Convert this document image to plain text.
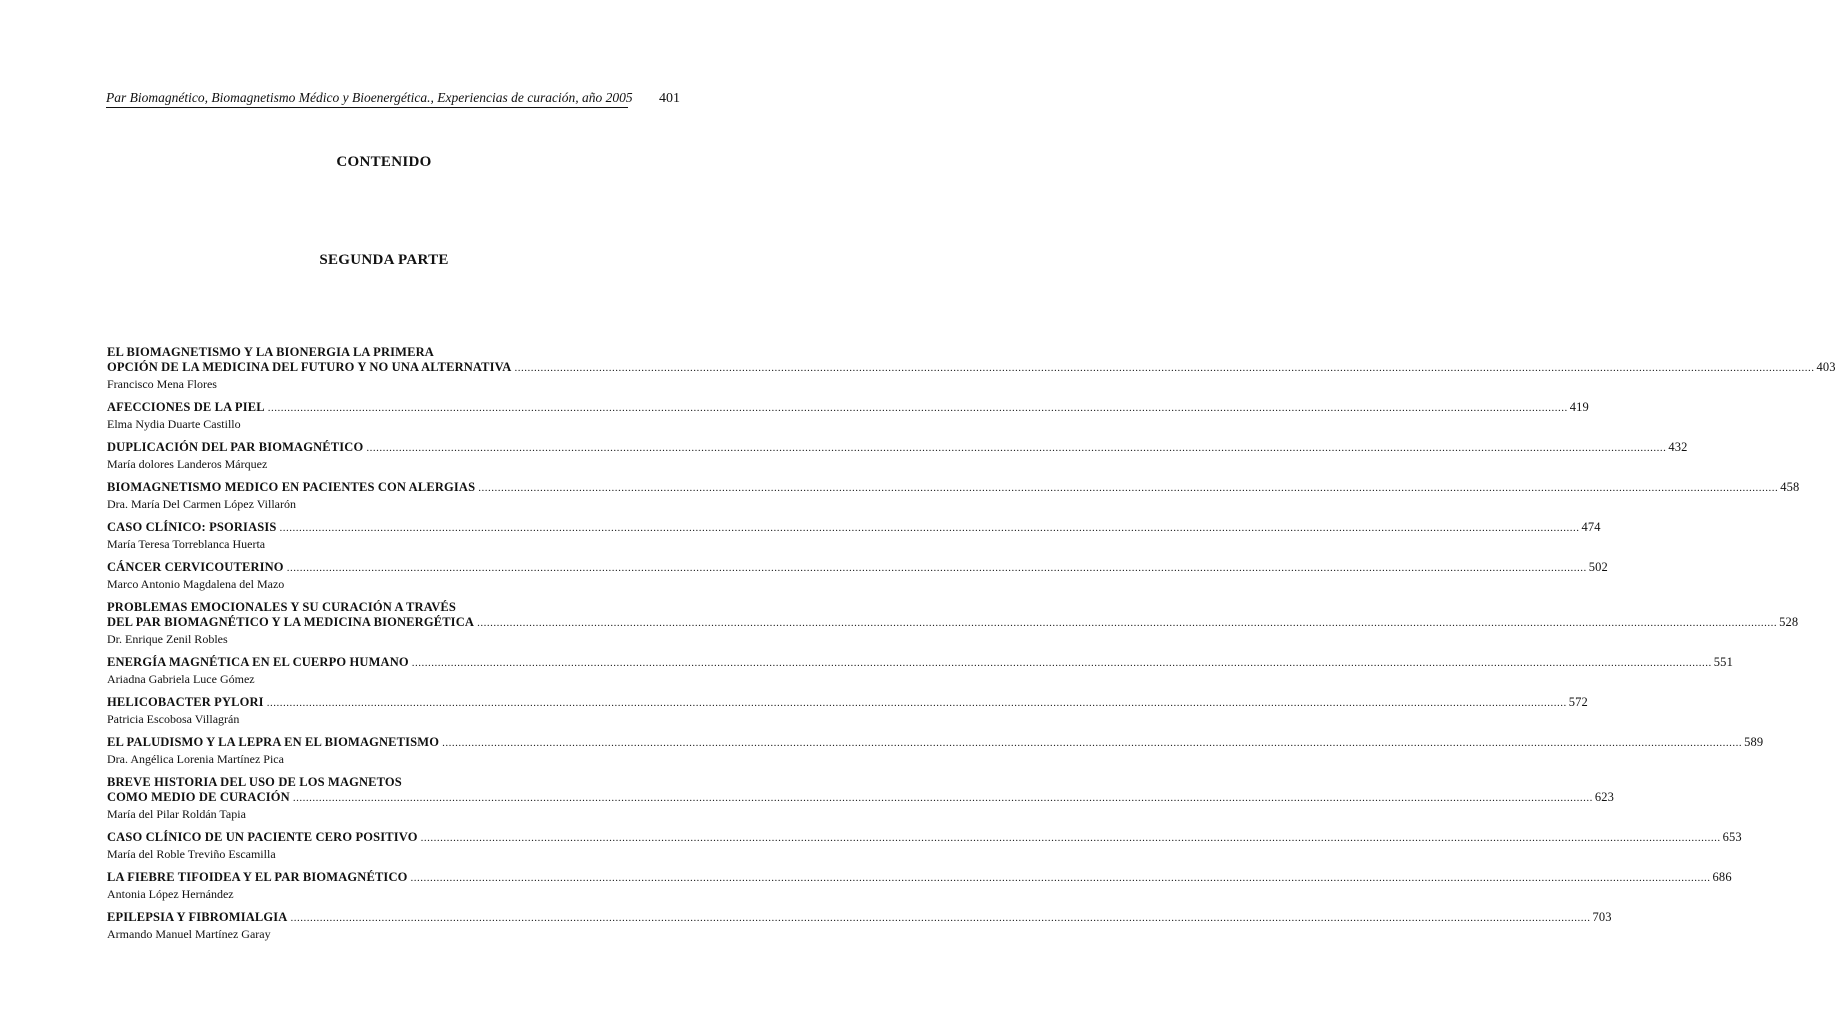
Par Biomagnético, Biomagnetismo Médico y Bioenergética., Experiencias de curación, año 2005 401
CONTENIDO
SEGUNDA PARTE
EL BIOMAGNETISMO Y LA BIONERGIA LA PRIMERA
OPCIÓN DE LA MEDICINA DEL FUTURO Y NO UNA ALTERNATIVA ................................................................................................................................................................................................................................................................................................................................................................................................................ 403
Francisco Mena Flores
AFECCIONES DE LA PIEL ................................................................................................................................................................................................................................................................................................................................................................................................................ 419
Elma Nydia Duarte Castillo
DUPLICACIÓN DEL PAR BIOMAGNÉTICO ................................................................................................................................................................................................................................................................................................................................................................................................................ 432
María dolores Landeros Márquez
BIOMAGNETISMO MEDICO EN PACIENTES CON ALERGIAS ................................................................................................................................................................................................................................................................................................................................................................................................................ 458
Dra. María Del Carmen López Villarón
CASO CLÍNICO: PSORIASIS ................................................................................................................................................................................................................................................................................................................................................................................................................ 474
María Teresa Torreblanca Huerta
CÁNCER CERVICOUTERINO ................................................................................................................................................................................................................................................................................................................................................................................................................ 502
Marco Antonio Magdalena del Mazo
PROBLEMAS EMOCIONALES Y SU CURACIÓN A TRAVÉS
DEL PAR BIOMAGNÉTICO Y LA MEDICINA BIONERGÉTICA ................................................................................................................................................................................................................................................................................................................................................................................................................ 528
Dr. Enrique Zenil Robles
ENERGÍA MAGNÉTICA EN EL CUERPO HUMANO ................................................................................................................................................................................................................................................................................................................................................................................................................ 551
Ariadna Gabriela Luce Gómez
HELICOBACTER PYLORI ................................................................................................................................................................................................................................................................................................................................................................................................................ 572
Patricia Escobosa Villagrán
EL PALUDISMO Y LA LEPRA EN EL BIOMAGNETISMO ................................................................................................................................................................................................................................................................................................................................................................................................................ 589
Dra. Angélica Lorenia Martínez Pica
BREVE HISTORIA DEL USO DE LOS MAGNETOS
COMO MEDIO DE CURACIÓN ................................................................................................................................................................................................................................................................................................................................................................................................................ 623
María del Pilar Roldán Tapia
CASO CLÍNICO DE UN PACIENTE CERO POSITIVO ................................................................................................................................................................................................................................................................................................................................................................................................................ 653
María del Roble Treviño Escamilla
LA FIEBRE TIFOIDEA Y EL PAR BIOMAGNÉTICO ................................................................................................................................................................................................................................................................................................................................................................................................................ 686
Antonia López Hernández
EPILEPSIA Y FIBROMIALGIA ................................................................................................................................................................................................................................................................................................................................................................................................................ 703
Armando Manuel Martínez Garay
